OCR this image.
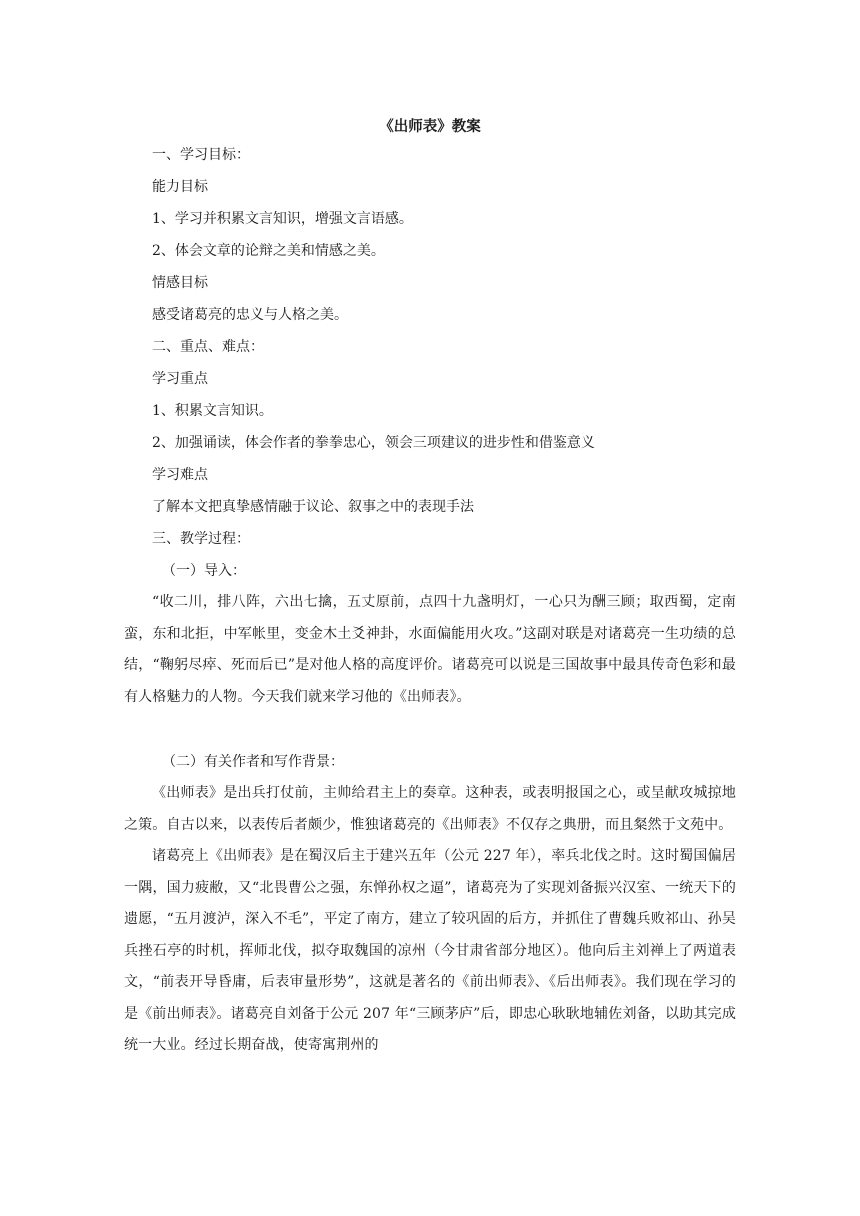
《出师表》教案
一、学习目标：
能力目标
1、学习并积累文言知识，增强文言语感。
2、体会文章的论辩之美和情感之美。
情感目标
感受诸葛亮的忠义与人格之美。
二、重点、难点：
学习重点
1、积累文言知识。
2、加强诵读，体会作者的拳拳忠心，领会三项建议的进步性和借鉴意义
学习难点
了解本文把真挚感情融于议论、叙事之中的表现手法
三、教学过程：
（一）导入：

“收二川，排八阵，六出七擒，五丈原前，点四十九盏明灯，一心只为酬三顾；取西蜀，定南蛮，东和北拒，中军帐里，变金木土爻神卦，水面偏能用火攻。”这副对联是对诸葛亮一生功绩的总结，“鞠躬尽瘁、死而后已”是对他人格的高度评价。诸葛亮可以说是三国故事中最具传奇色彩和最有人格魅力的人物。今天我们就来学习他的《出师表》。

（二）有关作者和写作背景：

《出师表》是出兵打仗前，主帅给君主上的奏章。这种表，或表明报国之心，或呈献攻城掠地之策。自古以来，以表传后者颇少，惟独诸葛亮的《出师表》不仅存之典册，而且粲然于文苑中。

诸葛亮上《出师表》是在蜀汉后主于建兴五年（公元 227 年），率兵北伐之时。这时蜀国偏居一隅，国力疲敝，又“北畏曹公之强，东惮孙权之逼”，诸葛亮为了实现刘备振兴汉室、一统天下的遗愿，“五月渡泸，深入不毛”，平定了南方，建立了较巩固的后方，并抓住了曹魏兵败祁山、孙吴兵挫石亭的时机，挥师北伐，拟夺取魏国的凉州（今甘肃省部分地区）。他向后主刘禅上了两道表文，“前表开导昏庸，后表审量形势”，这就是著名的《前出师表》、《后出师表》。我们现在学习的是《前出师表》。诸葛亮自刘备于公元 207 年“三顾茅庐”后，即忠心耿耿地辅佐刘备，以助其完成统一大业。经过长期奋战，使寄寓荆州的
